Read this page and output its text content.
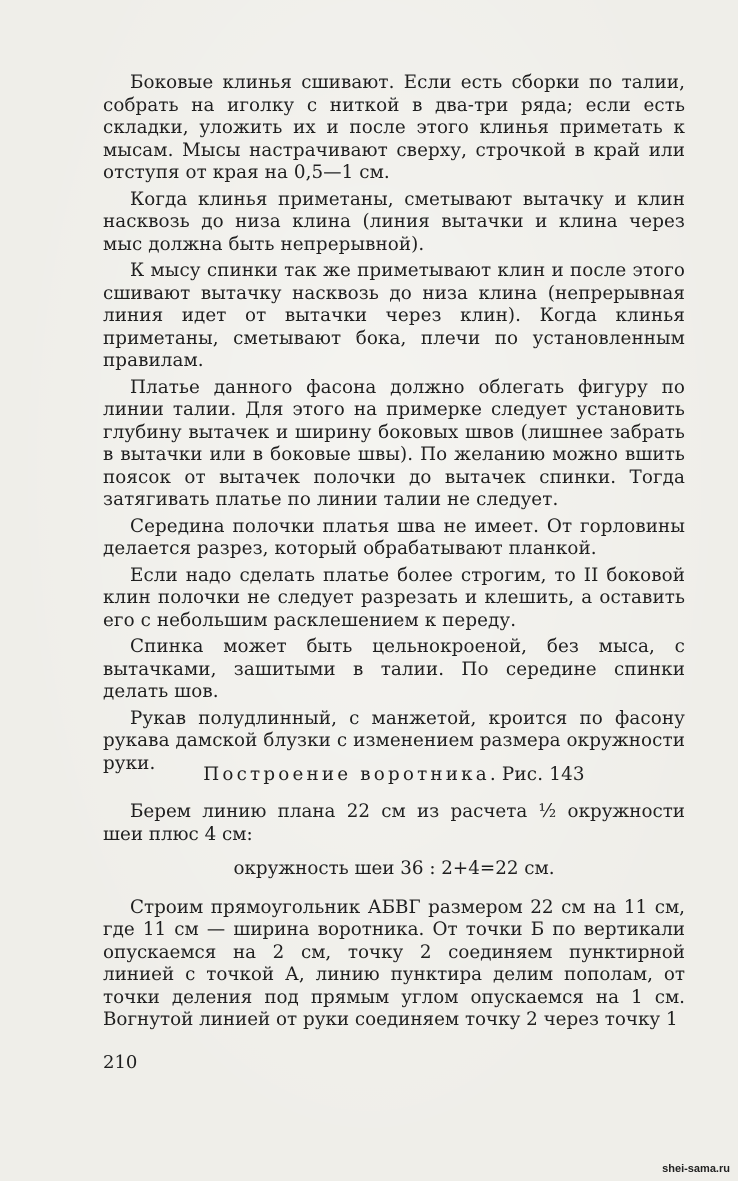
Боковые клинья сшивают. Если есть сборки по талии, собрать на иголку с ниткой в два-три ряда; если есть складки, уложить их и после этого клинья приметать к мысам. Мысы настрачивают сверху, строчкой в край или отступя от края на 0,5—1 см.

Когда клинья приметаны, сметывают вытачку и клин насквозь до низа клина (линия вытачки и клина через мыс должна быть непрерывной).

К мысу спинки так же приметывают клин и после этого сшивают вытачку насквозь до низа клина (непрерывная линия идет от вытачки через клин). Когда клинья приметаны, сметывают бока, плечи по установленным правилам.

Платье данного фасона должно облегать фигуру по линии талии. Для этого на примерке следует установить глубину вытачек и ширину боковых швов (лишнее забрать в вытачки или в боковые швы). По желанию можно вшить поясок от вытачек полочки до вытачек спинки. Тогда затягивать платье по линии талии не следует.

Середина полочки платья шва не имеет. От горловины делается разрез, который обрабатывают планкой.

Если надо сделать платье более строгим, то II боковой клин полочки не следует разрезать и клешить, а оставить его с небольшим расклешением к переду.

Спинка может быть цельнокроеной, без мыса, с вытачками, зашитыми в талии. По середине спинки делать шов.

Рукав полудлинный, с манжетой, кроится по фасону рукава дамской блузки с изменением размера окружности руки.

Построение воротника. Рис. 143

Берем линию плана 22 см из расчета ½ окружности шеи плюс 4 см:

окружность шеи 36 : 2+4=22 см.

Строим прямоугольник АБВГ размером 22 см на 11 см, где 11 см — ширина воротника. От точки Б по вертикали опускаемся на 2 см, точку 2 соединяем пунктирной линией с точкой А, линию пунктира делим пополам, от точки деления под прямым углом опускаемся на 1 см. Вогнутой линией от руки соединяем точку 2 через точку 1

210
shei-sama.ru
